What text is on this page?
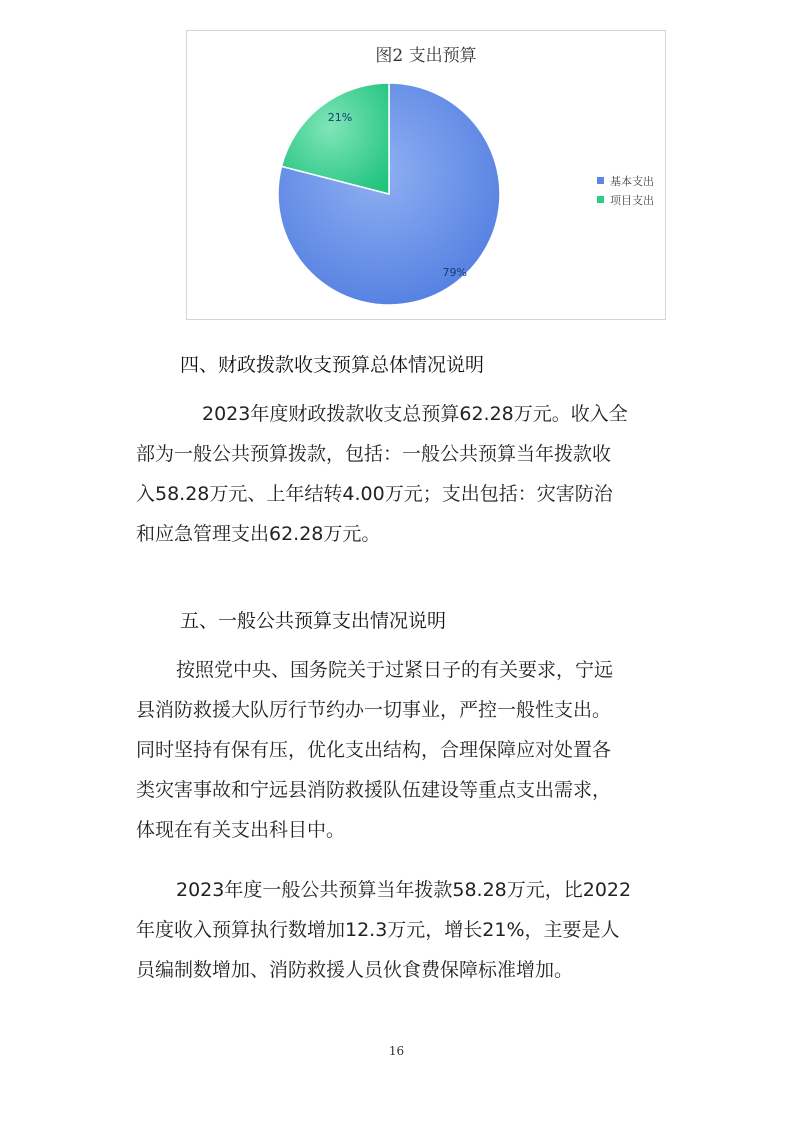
图2 支出预算
79%
21%
基本支出
项目支出
四、财政拨款收支预算总体情况说明
2023年度财政拨款收支总预算62.28万元。收入全
部为一般公共预算拨款，包括：一般公共预算当年拨款收
入58.28万元、上年结转4.00万元；支出包括：灾害防治
和应急管理支出62.28万元。
五、一般公共预算支出情况说明
按照党中央、国务院关于过紧日子的有关要求，宁远
县消防救援大队厉行节约办一切事业，严控一般性支出。
同时坚持有保有压，优化支出结构，合理保障应对处置各
类灾害事故和宁远县消防救援队伍建设等重点支出需求，
体现在有关支出科目中。
2023年度一般公共预算当年拨款58.28万元，比2022
年度收入预算执行数增加12.3万元，增长21%，主要是人
员编制数增加、消防救援人员伙食费保障标准增加。
16
